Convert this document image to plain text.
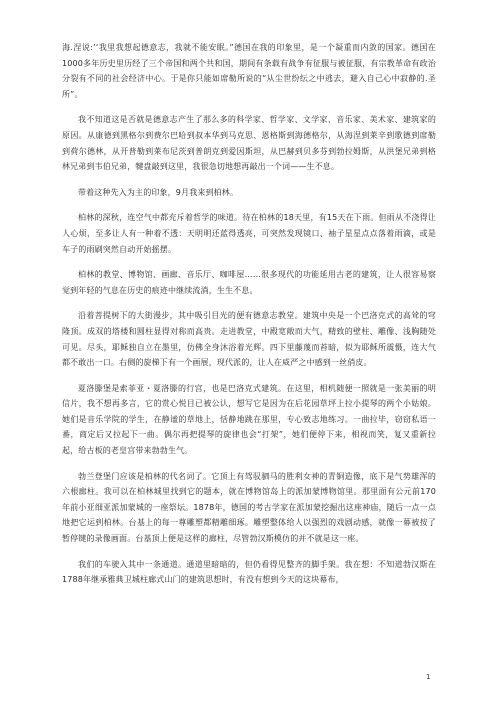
海.涅说:’‘我里我想起德意志，我就不能安眠。”德国在我的印象里，是一个凝重而内敛的国家。德国在1000多年历史里历经了三个帝国和两个共和国，期间有条载有战争有征服与被征服，有宗教革命有政治分裂有不同的社会经济中心。于是你只能如席勒所说的“从尘世纷纭之中逃去，避入自己心中寂静的.圣所”。

我不知道这是否就是德意志产生了那么多的科学家、哲学家、文学家、音乐家、美术家、建筑家的原因。从康德到黑格尔到费尔巴哈到叔本华到马克思、恩格斯到海德格尔，从海涅到莱辛到歌德到席勒到荷尔德林，从开普勒到莱布尼茨到普朗克到爱因斯坦，从巴赫到贝多芬到勃拉姆斯，从洪堡兄弟到格林兄弟到韦伯兄弟，犍盘敲到这里，我很急切地想再敲出一个词——生不息。

带着这种先入为主的印象，9月我来到柏林。

柏林的深秋，连空气中都充斥着哲学的味道。待在柏林的18天里，有15天在下雨。但雨从不浇得让人心烦，至多让人有一种着不透：天明明还蓝得透亮，可突然发现镜口、袖子星星点点落着雨滴，或是车子的雨刷突然自动开始摇摆。

柏林的教堂、博物馆、画廊、音乐厅、咖啡屋……很多现代的功能延用古老的建筑，让人很容易察觉到年轻的气息在历史的痕迹中继续流淌，生生不息。

沿着菩提树下的大街漫步，其中吸引目光的便有德意志教堂。建筑中央是一个巴洛克式的高耸的穹隆顶。成双的塔楼和圆柱显得对称而高贵。走进教堂，中殿宽敞而大气，精致的壁柱、雕像、浅胸随处可见。尽头，耶稣独自立在墨里，仿佛全身沐浴着光辉。四下里藤蔑而苔暗，似为耶稣所震慑，连大气都不敢出一口。右侧的旋梯下有一个画展，现代派的，让人在威严之中感到一丝俏皮。

夏洛滕堡是索菲亚・夏洛滕的行宫，也是巴洛克式建筑。在这里，相机随便一照就是一张美丽的明信片，我不想再多言，它的赏心悦目已被公认，想写它是因为在后花园草坪上拉小提琴的两个小姑娘。她们是音乐学院的学生，在静谧的草地上，恬静地跳在那里，专心致志地练习。一曲拉毕，窃窃私语一番，商定后又拉起下一曲。偶尔再把提琴的旋律也会“打架”，她们便停下来，相视而笑，复又重新拉起，给古板的老皇宫带来勃勃生气。

勃兰登堡门应该是柏林的代名词了。它顶上有驾驭驷马的胜利女神的青铜造像，底下是气势雄浑的六根廊柱。我可以在柏林城里找到它的题本，就在博物馆岛上的派加蒙博物馆里。那里面有公元前170年前小亚细亚派加蒙城的一座祭坛。1878年，德国的考古学家在派加蒙挖掘出这座神庙，随后一点一点地把它运到柏林。台基上的每一尊雕塑都精雕细琢。雕塑整体给人以强烈的戏剧动感，就像一幕被按了暂停键的录像画面。台基顶上便是这样的廊柱，尽管勃汉斯模仿的并不就是这一座。

我们的车驶入其中一条通道。通道里暗暗的，但仍看得见整齐的脚手架。我在想：不知道勃汉斯在1788年继承雅典卫城柱廊式山门的建筑思想时，有没有想到今天的这块幕布，

1
